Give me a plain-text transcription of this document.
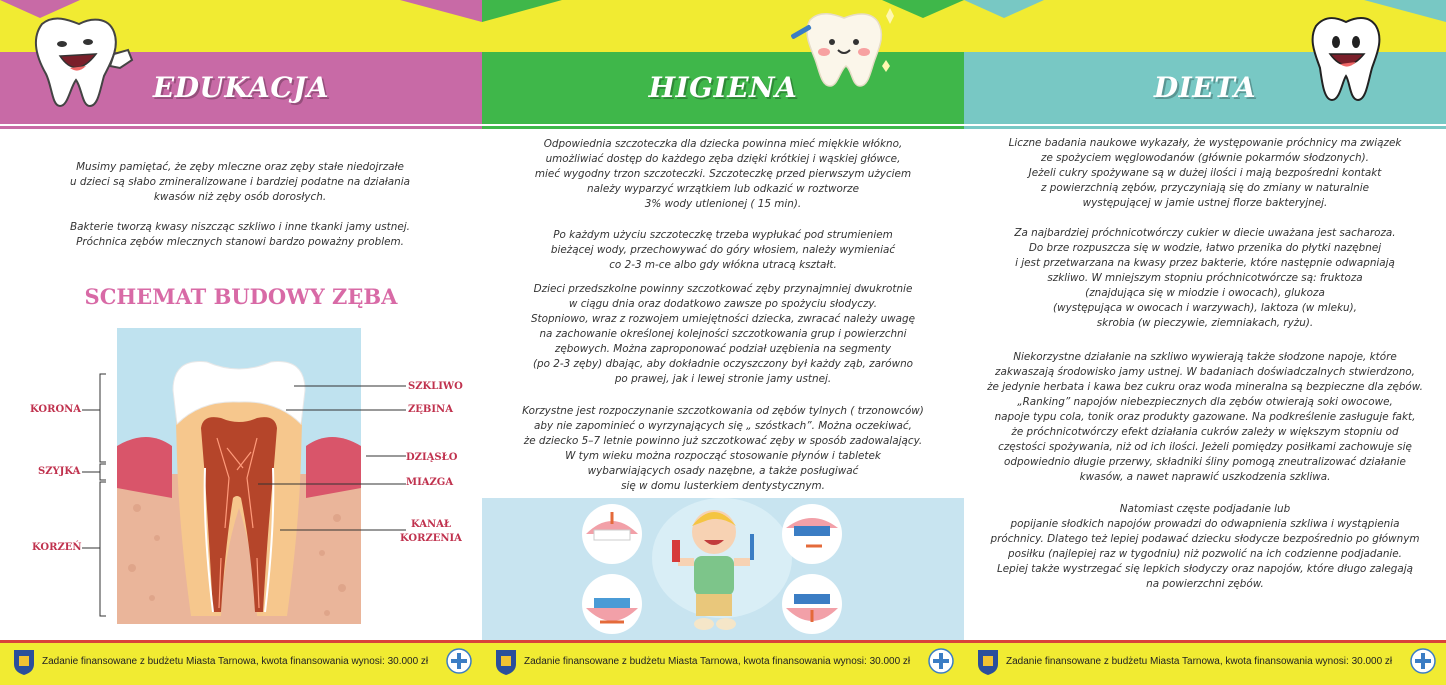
EDUKACJA
Musimy pamiętać, że zęby mleczne oraz zęby stałe niedojrzałe
u dzieci są słabo zmineralizowane i bardziej podatne na działania
kwasów niż zęby osób dorosłych.

Bakterie tworzą kwasy niszcząc szkliwo i inne tkanki jamy ustnej.
Próchnica zębów mlecznych stanowi bardzo poważny problem.
SCHEMAT BUDOWY ZĘBA
KORONA
SZYJKA
KORZEŃ
SZKLIWO
ZĘBINA
DZIĄSŁO
MIAZGA
KANAŁ
KORZENIA
Zadanie finansowane z budżetu Miasta Tarnowa, kwota finansowania wynosi: 30.000 zł
HIGIENA
Odpowiednia szczoteczka dla dziecka powinna mieć miękkie włókno,
umożliwiać dostęp do każdego zęba dzięki krótkiej i wąskiej główce,
mieć wygodny trzon szczoteczki. Szczoteczkę przed pierwszym użyciem
należy wyparzyć wrzątkiem lub odkazić w roztworze
3% wody utlenionej ( 15 min).
Po każdym użyciu szczoteczkę trzeba wypłukać pod strumieniem
bieżącej wody, przechowywać do góry włosiem, należy wymieniać
co 2-3 m-ce albo gdy włókna utracą kształt.
Dzieci przedszkolne powinny szczotkować zęby przynajmniej dwukrotnie
w ciągu dnia oraz dodatkowo zawsze po spożyciu słodyczy.
Stopniowo, wraz z rozwojem umiejętności dziecka, zwracać należy uwagę
na zachowanie określonej kolejności szczotkowania grup i powierzchni
zębowych. Można zaproponować podział uzębienia na segmenty
(po 2-3 zęby) dbając, aby dokładnie oczyszczony był każdy ząb, zarówno
po prawej, jak i lewej stronie jamy ustnej.
Korzystne jest rozpoczynanie szczotkowania od zębów tylnych ( trzonowców)
aby nie zapominieć o wyrzynających się „ szóstkach”. Można oczekiwać,
że dziecko 5–7 letnie powinno już szczotkować zęby w sposób zadowalający.
W tym wieku można rozpocząć stosowanie płynów i tabletek
wybarwiających osady nazębne, a także posługiwać
się w domu lusterkiem dentystycznym.
Zadanie finansowane z budżetu Miasta Tarnowa, kwota finansowania wynosi: 30.000 zł
DIETA
Liczne badania naukowe wykazały, że występowanie próchnicy ma związek
ze spożyciem węglowodanów (głównie pokarmów słodzonych).
Jeżeli cukry spożywane są w dużej ilości i mają bezpośredni kontakt
z powierzchnią zębów, przyczyniają się do zmiany w naturalnie
występującej w jamie ustnej florze bakteryjnej.
Za najbardziej próchnicotwórczy cukier w diecie uważana jest sacharoza.
Do brze rozpuszcza się w wodzie, łatwo przenika do płytki nazębnej
i jest przetwarzana na kwasy przez bakterie, które następnie odwapniają
szkliwo. W mniejszym stopniu próchnicotwórcze są: fruktoza
(znajdująca się w miodzie i owocach), glukoza
(występująca w owocach i warzywach), laktoza (w mleku),
skrobia (w pieczywie, ziemniakach, ryżu).
Niekorzystne działanie na szkliwo wywierają także słodzone napoje, które
zakwaszają środowisko jamy ustnej. W badaniach doświadczalnych stwierdzono,
że jedynie herbata i kawa bez cukru oraz woda mineralna są bezpieczne dla zębów.
„Ranking” napojów niebezpiecznych dla zębów otwierają soki owocowe,
napoje typu cola, tonik oraz produkty gazowane. Na podkreślenie zasługuje fakt,
że próchnicotwórczy efekt działania cukrów zależy w większym stopniu od
częstości spożywania, niż od ich ilości. Jeżeli pomiędzy posiłkami zachowuje się
odpowiednio długie przerwy, składniki śliny pomogą zneutralizować działanie
kwasów, a nawet naprawić uszkodzenia szkliwa.
Natomiast częste podjadanie lub
popijanie słodkich napojów prowadzi do odwapnienia szkliwa i wystąpienia
próchnicy. Dlatego też lepiej podawać dziecku słodycze bezpośrednio po głównym
posiłku (najlepiej raz w tygodniu) niż pozwolić na ich codzienne podjadanie.
Lepiej także wystrzegać się lepkich słodyczy oraz napojów, które długo zalegają
na powierzchni zębów.
Zadanie finansowane z budżetu Miasta Tarnowa, kwota finansowania wynosi: 30.000 zł
